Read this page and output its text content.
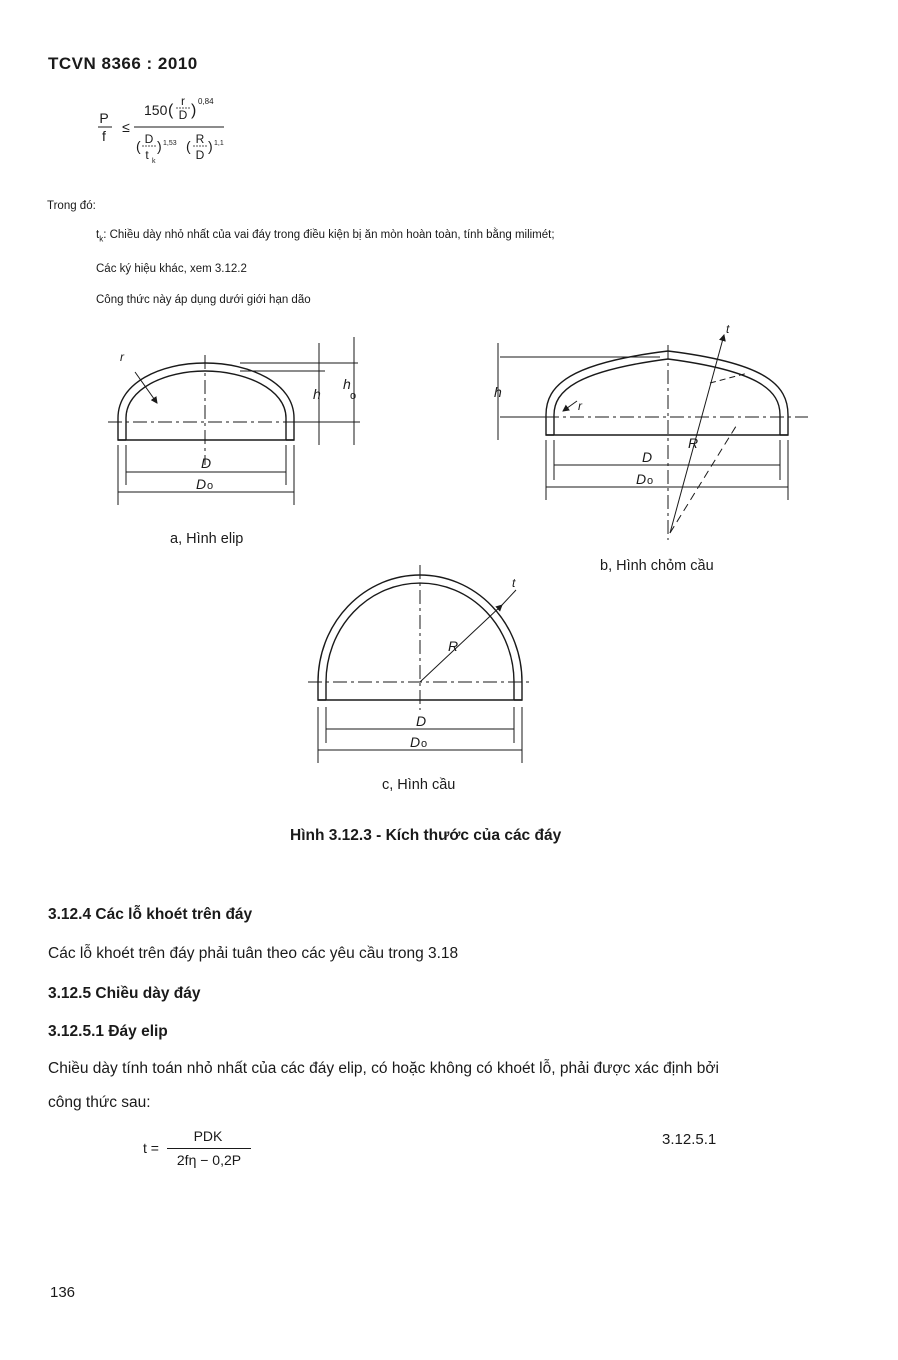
TCVN 8366 : 2010
P
f
≤
150 (
r
D )
0,84
( D
t k
) 1,53 ( R
D
) 1,1
Trong đó:
$t_k$: Chiều dày nhỏ nhất của vai đáy trong điều kiện bị ăn mòn hoàn toàn, tính bằng milimét;
Các ký hiệu khác, xem 3.12.2
Công thức này áp dụng dưới giới hạn dão
r
h
h
o
D
D o
t
h
r
R
D
D o
t
R
D
D o
a, Hình elip
b, Hình chỏm cầu
c, Hình cầu
Hình 3.12.3 - Kích thước của các đáy
3.12.4 Các lỗ khoét trên đáy
Các lỗ khoét trên đáy phải tuân theo các yêu cầu trong 3.18
3.12.5 Chiều dày đáy
3.12.5.1 Đáy elip
Chiều dày tính toán nhỏ nhất của các đáy elip, có hoặc không có khoét lỗ, phải được xác định bởi
công thức sau:
t =
PDK
2fη − 0,2P
3.12.5.1
136
